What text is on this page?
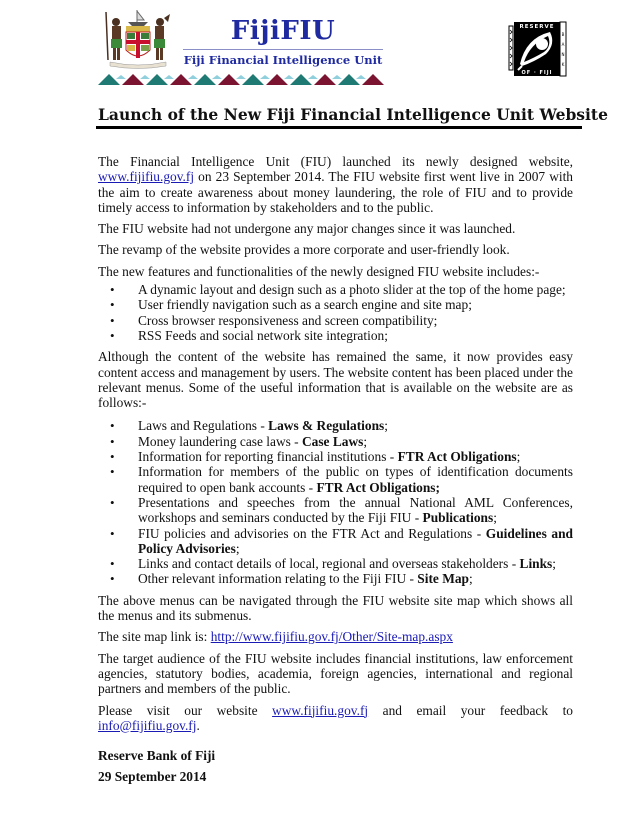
FijiFIU
Fiji Financial Intelligence Unit
RESERVE
OF · FIJI
B
A
N
K
Launch of the New Fiji Financial Intelligence Unit Website

The Financial Intelligence Unit (FIU) launched its newly designed website, www.fijifiu.gov.fj on 23 September 2014. The FIU website first went live in 2007 with the aim to create awareness about money laundering, the role of FIU and to provide timely access to information by stakeholders and to the public.

The FIU website had not undergone any major changes since it was launched.

The revamp of the website provides a more corporate and user-friendly look.

The new features and functionalities of the newly designed FIU website includes:-

• A dynamic layout and design such as a photo slider at the top of the home page;
• User friendly navigation such as a search engine and site map;
• Cross browser responsiveness and screen compatibility;
• RSS Feeds and social network site integration;

Although the content of the website has remained the same, it now provides easy content access and management by users. The website content has been placed under the relevant menus. Some of the useful information that is available on the website are as follows:-

• Laws and Regulations - Laws & Regulations;
• Money laundering case laws - Case Laws;
• Information for reporting financial institutions - FTR Act Obligations;
• Information for members of the public on types of identification documents required to open bank accounts - FTR Act Obligations;
• Presentations and speeches from the annual National AML Conferences, workshops and seminars conducted by the Fiji FIU - Publications;
• FIU policies and advisories on the FTR Act and Regulations - Guidelines and Policy Advisories;
• Links and contact details of local, regional and overseas stakeholders - Links;
• Other relevant information relating to the Fiji FIU - Site Map;

The above menus can be navigated through the FIU website site map which shows all the menus and its submenus.

The site map link is: http://www.fijifiu.gov.fj/Other/Site-map.aspx

The target audience of the FIU website includes financial institutions, law enforcement agencies, statutory bodies, academia, foreign agencies, international and regional partners and members of the public.

Please visit our website www.fijifiu.gov.fj and email your feedback to info@fijifiu.gov.fj.

Reserve Bank of Fiji

29 September 2014
